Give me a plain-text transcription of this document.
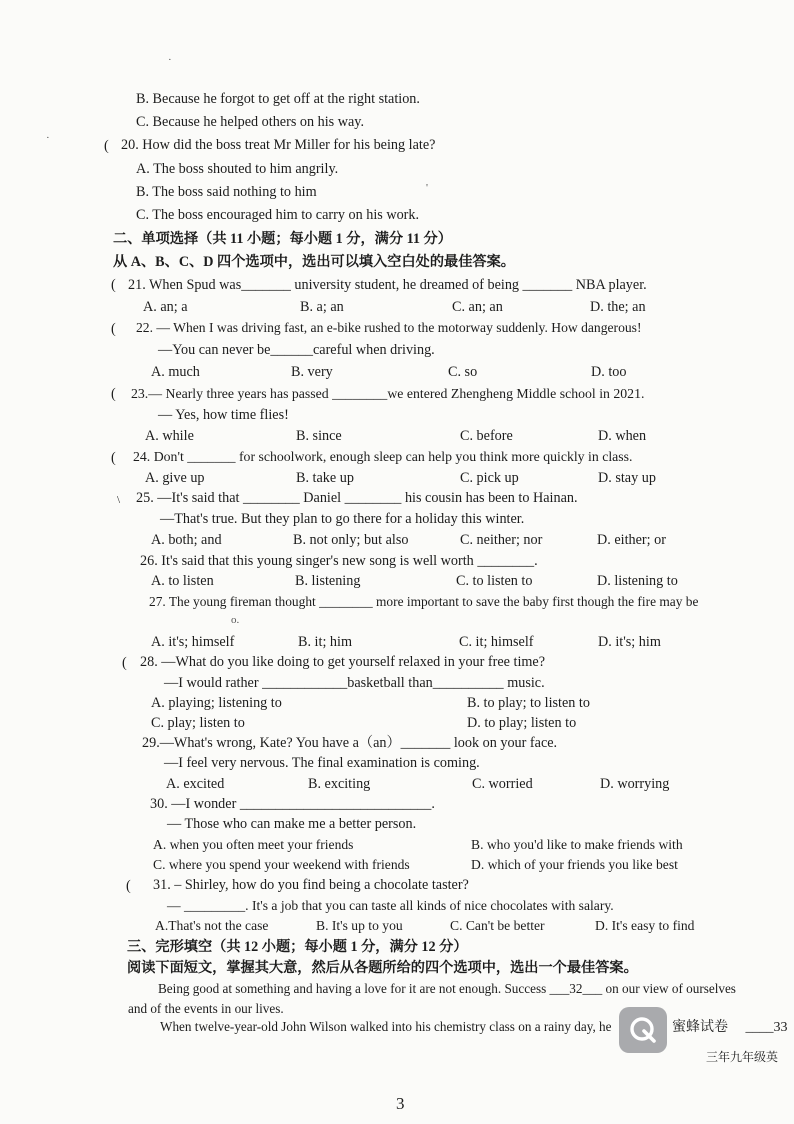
B. Because he forgot to get off at the right station.
C. Because he helped others on his way.
( 20. How did the boss treat Mr Miller for his being late?
A. The boss shouted to him angrily.
B. The boss said nothing to him
C. The boss encouraged him to carry on his work.
二、单项选择（共 11 小题；每小题 1 分，满分 11 分）
从 A、B、C、D 四个选项中，选出可以填入空白处的最佳答案。
( 21. When Spud was_______ university student, he dreamed of being _______ NBA player.
A. an; a	B. a; an	C. an; an	D. the; an
( 22. — When I was driving fast, an e-bike rushed to the motorway suddenly. How dangerous!
—You can never be______careful when driving.
A. much	B. very	C. so	D. too
( 23.— Nearly three years has passed ________we entered Zhengheng Middle school in 2021.
— Yes, how time flies!
A. while	B. since	C. before	D. when
( 24. Don't _______ for schoolwork, enough sleep can help you think more quickly in class.
A. give up	B. take up	C. pick up	D. stay up
\ 25. —It's said that ________ Daniel ________ his cousin has been to Hainan.
—That's true. But they plan to go there for a holiday this winter.
A. both; and	B. not only; but also	C. neither; nor	D. either; or
26. It's said that this young singer's new song is well worth ________.
A. to listen	B. listening	C. to listen to	D. listening to
27. The young fireman thought ________ more important to save the baby first though the fire may be
o.
A. it's; himself	B. it; him	C. it; himself	D. it's; him
( 28. —What do you like doing to get yourself relaxed in your free time?
—I would rather ____________basketball than__________ music.
A. playing; listening to	B. to play; to listen to
C. play; listen to	D. to play; listen to
29.—What's wrong, Kate? You have a（an）_______ look on your face.
—I feel very nervous. The final examination is coming.
A. excited	B. exciting	C. worried	D. worrying
30. —I wonder ___________________________.
— Those who can make me a better person.
A. when you often meet your friends	B. who you'd like to make friends with
C. where you spend your weekend with friends	D. which of your friends you like best
( 31. – Shirley, how do you find being a chocolate taster?
— _________. It's a job that you can taste all kinds of nice chocolates with salary.
A.That's not the case	B. It's up to you	C. Can't be better	D. It's easy to find
三、完形填空（共 12 小题；每小题 1 分，满分 12 分）
阅读下面短文，掌握其大意，然后从各题所给的四个选项中，选出一个最佳答案。
Being good at something and having a love for it are not enough. Success ___32___ on our view of ourselves
and of the events in our lives.
When twelve-year-old John Wilson walked into his chemistry class on a rainy day, he	蜜蜂试卷 ____33
三年九年级英
·
'
·
3
